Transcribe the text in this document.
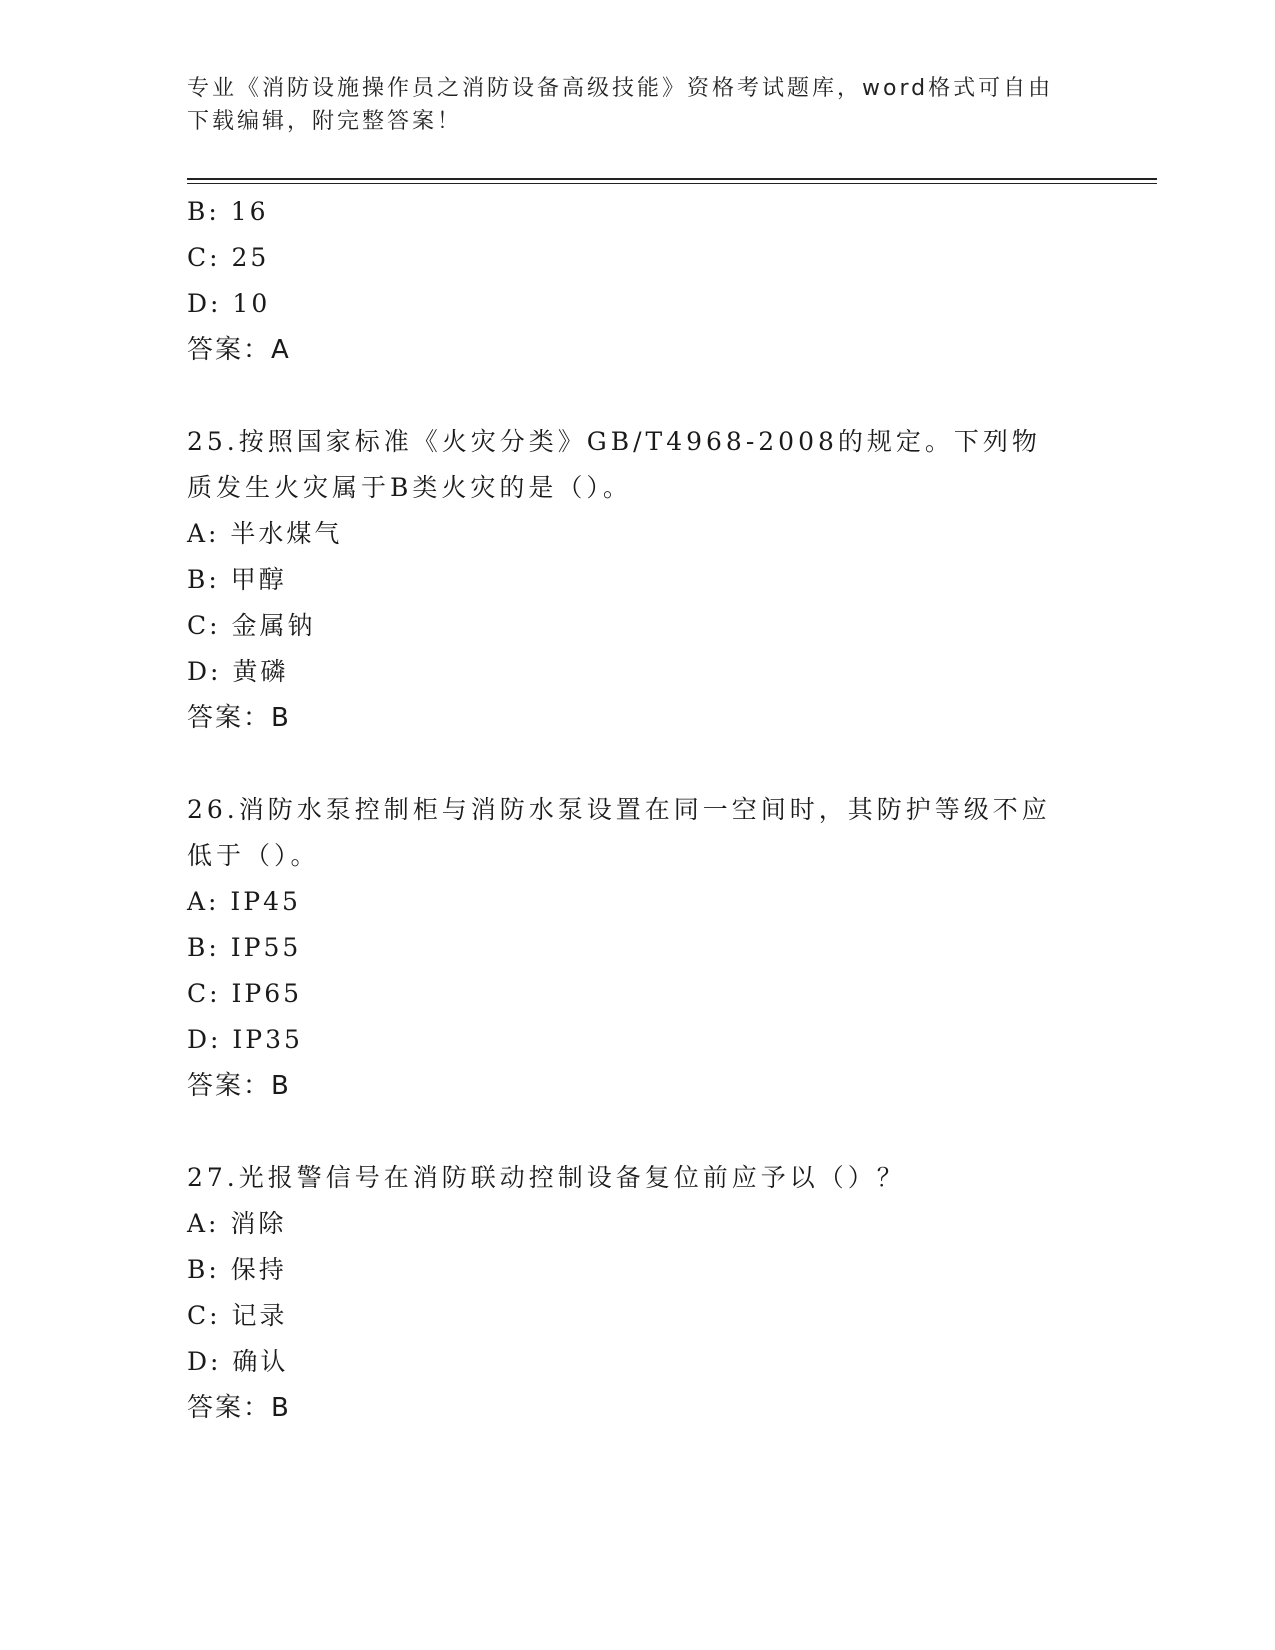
专业《消防设施操作员之消防设备高级技能》资格考试题库，word格式可自由下载编辑，附完整答案！
B: 16
C: 25
D: 10
答案：A
25.按照国家标准《火灾分类》GB/T4968-2008的规定。下列物质发生火灾属于B类火灾的是（）。
A: 半水煤气
B: 甲醇
C: 金属钠
D: 黄磷
答案：B
26.消防水泵控制柜与消防水泵设置在同一空间时，其防护等级不应低于（）。
A: IP45
B: IP55
C: IP65
D: IP35
答案：B
27.光报警信号在消防联动控制设备复位前应予以（）？
A: 消除
B: 保持
C: 记录
D: 确认
答案：B
